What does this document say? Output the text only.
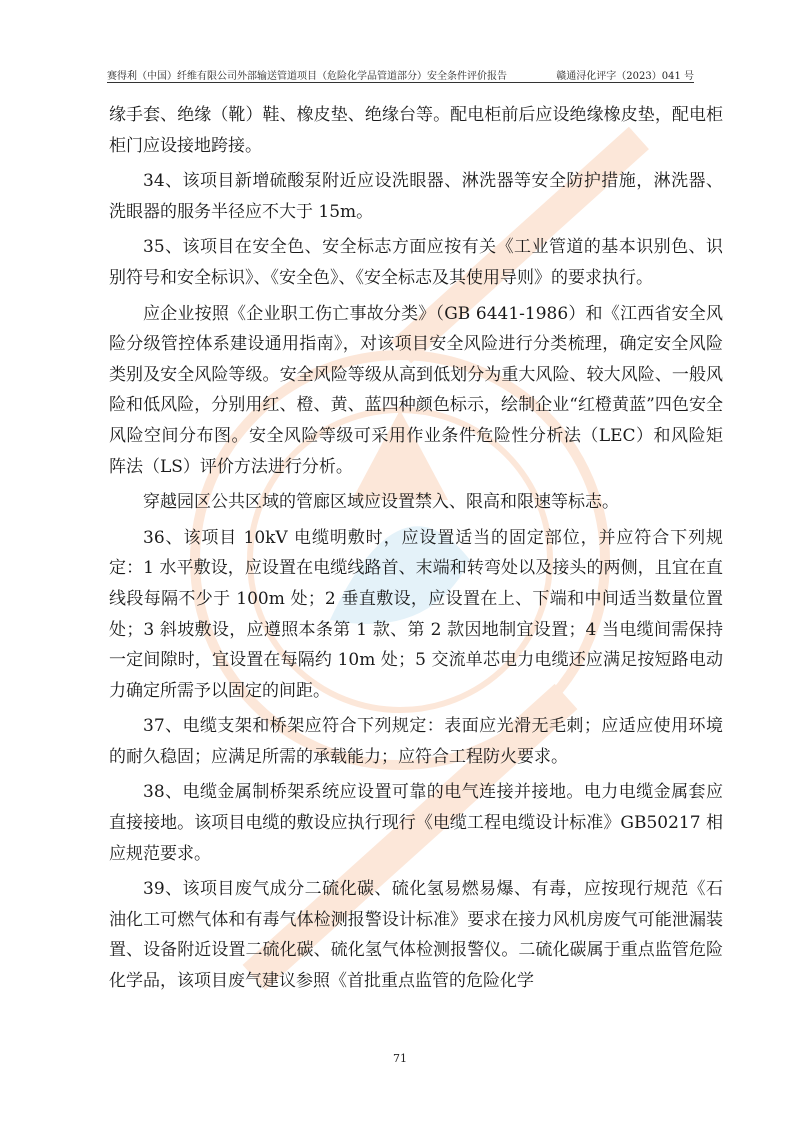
赛得利（中国）纤维有限公司外部输送管道项目（危险化学品管道部分）安全条件评价报告	赣通浔化评字（2023）041 号

缘手套、绝缘（靴）鞋、橡皮垫、绝缘台等。配电柜前后应设绝缘橡皮垫，配电柜柜门应设接地跨接。

34、该项目新增硫酸泵附近应设洗眼器、淋洗器等安全防护措施，淋洗器、洗眼器的服务半径应不大于 15m。

35、该项目在安全色、安全标志方面应按有关《工业管道的基本识别色、识别符号和安全标识》、《安全色》、《安全标志及其使用导则》的要求执行。

应企业按照《企业职工伤亡事故分类》（GB 6441-1986）和《江西省安全风险分级管控体系建设通用指南》，对该项目安全风险进行分类梳理，确定安全风险类别及安全风险等级。安全风险等级从高到低划分为重大风险、较大风险、一般风险和低风险，分别用红、橙、黄、蓝四种颜色标示，绘制企业“红橙黄蓝”四色安全风险空间分布图。安全风险等级可采用作业条件危险性分析法（LEC）和风险矩阵法（LS）评价方法进行分析。

穿越园区公共区域的管廊区域应设置禁入、限高和限速等标志。

36、该项目 10kV 电缆明敷时，应设置适当的固定部位，并应符合下列规定：1 水平敷设，应设置在电缆线路首、末端和转弯处以及接头的两侧，且宜在直线段每隔不少于 100m 处；2 垂直敷设，应设置在上、下端和中间适当数量位置处；3 斜坡敷设，应遵照本条第 1 款、第 2 款因地制宜设置；4 当电缆间需保持一定间隙时，宜设置在每隔约 10m 处；5 交流单芯电力电缆还应满足按短路电动力确定所需予以固定的间距。

37、电缆支架和桥架应符合下列规定：表面应光滑无毛刺；应适应使用环境的耐久稳固；应满足所需的承载能力；应符合工程防火要求。

38、电缆金属制桥架系统应设置可靠的电气连接并接地。电力电缆金属套应直接接地。该项目电缆的敷设应执行现行《电缆工程电缆设计标准》GB50217 相应规范要求。

39、该项目废气成分二硫化碳、硫化氢易燃易爆、有毒，应按现行规范《石油化工可燃气体和有毒气体检测报警设计标准》要求在接力风机房废气可能泄漏装置、设备附近设置二硫化碳、硫化氢气体检测报警仪。二硫化碳属于重点监管危险化学品，该项目废气建议参照《首批重点监管的危险化学

71
